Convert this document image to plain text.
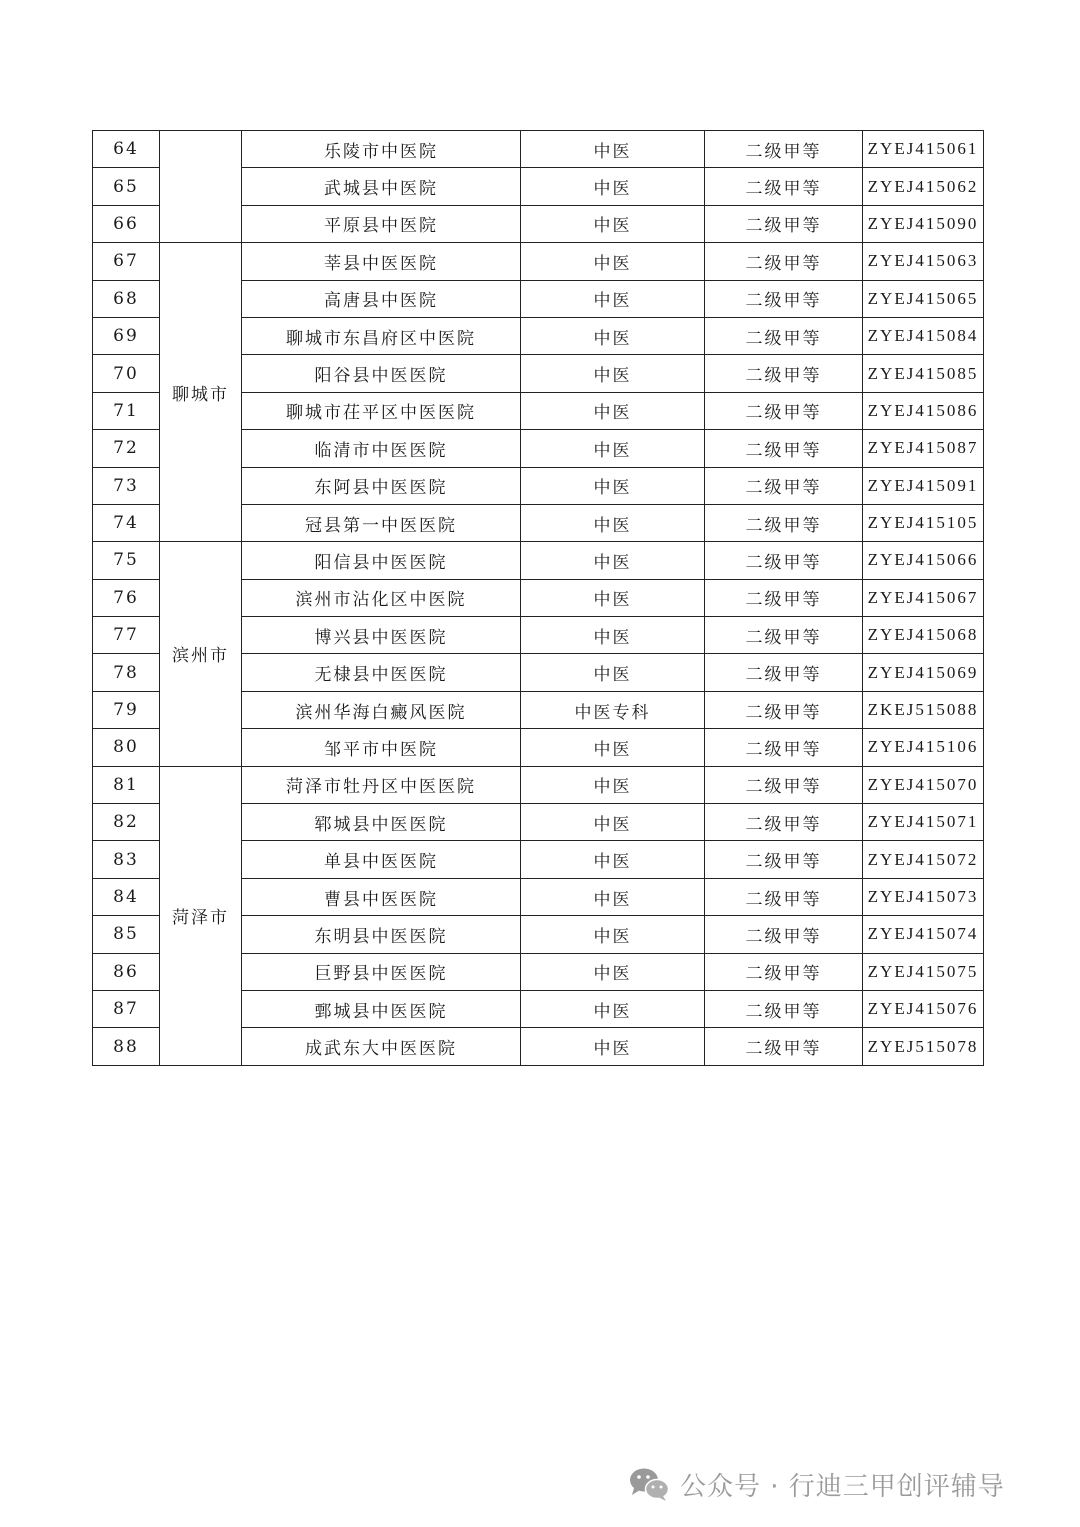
64		乐陵市中医院	中医	二级甲等	ZYEJ415061
65		武城县中医院	中医	二级甲等	ZYEJ415062
66		平原县中医院	中医	二级甲等	ZYEJ415090
67	聊城市	莘县中医医院	中医	二级甲等	ZYEJ415063
68		高唐县中医院	中医	二级甲等	ZYEJ415065
69		聊城市东昌府区中医院	中医	二级甲等	ZYEJ415084
70		阳谷县中医医院	中医	二级甲等	ZYEJ415085
71		聊城市茌平区中医医院	中医	二级甲等	ZYEJ415086
72		临清市中医医院	中医	二级甲等	ZYEJ415087
73		东阿县中医医院	中医	二级甲等	ZYEJ415091
74		冠县第一中医医院	中医	二级甲等	ZYEJ415105
75	滨州市	阳信县中医医院	中医	二级甲等	ZYEJ415066
76		滨州市沾化区中医院	中医	二级甲等	ZYEJ415067
77		博兴县中医医院	中医	二级甲等	ZYEJ415068
78		无棣县中医医院	中医	二级甲等	ZYEJ415069
79		滨州华海白癜风医院	中医专科	二级甲等	ZKEJ515088
80		邹平市中医院	中医	二级甲等	ZYEJ415106
81	菏泽市	菏泽市牡丹区中医医院	中医	二级甲等	ZYEJ415070
82		郓城县中医医院	中医	二级甲等	ZYEJ415071
83		单县中医医院	中医	二级甲等	ZYEJ415072
84		曹县中医医院	中医	二级甲等	ZYEJ415073
85		东明县中医医院	中医	二级甲等	ZYEJ415074
86		巨野县中医医院	中医	二级甲等	ZYEJ415075
87		鄄城县中医医院	中医	二级甲等	ZYEJ415076
88		成武东大中医医院	中医	二级甲等	ZYEJ515078
公众号 · 行迪三甲创评辅导
